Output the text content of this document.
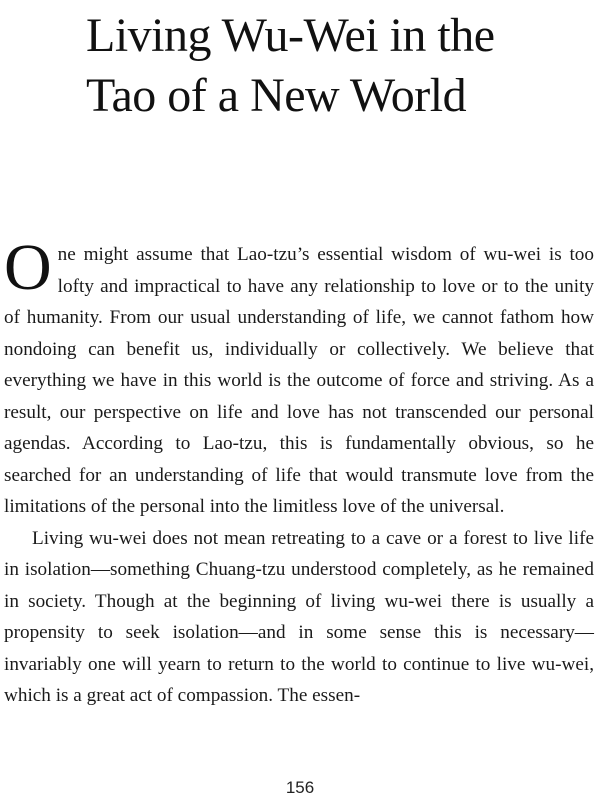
Living Wu-Wei in the
Tao of a New World

One might assume that Lao-tzu’s essential wisdom of wu-wei is too lofty and impractical to have any relationship to love or to the unity of humanity. From our usual understanding of life, we cannot fathom how nondoing can benefit us, individually or collectively. We believe that everything we have in this world is the outcome of force and striving. As a result, our perspective on life and love has not transcended our personal agendas. According to Lao-tzu, this is fundamentally obvious, so he searched for an understanding of life that would transmute love from the limitations of the personal into the limitless love of the universal.

Living wu-wei does not mean retreating to a cave or a forest to live life in isolation—something Chuang-tzu understood completely, as he remained in society. Though at the beginning of living wu-wei there is usually a propensity to seek isolation—and in some sense this is necessary—invariably one will yearn to return to the world to continue to live wu-wei, which is a great act of compassion. The essen-

156
